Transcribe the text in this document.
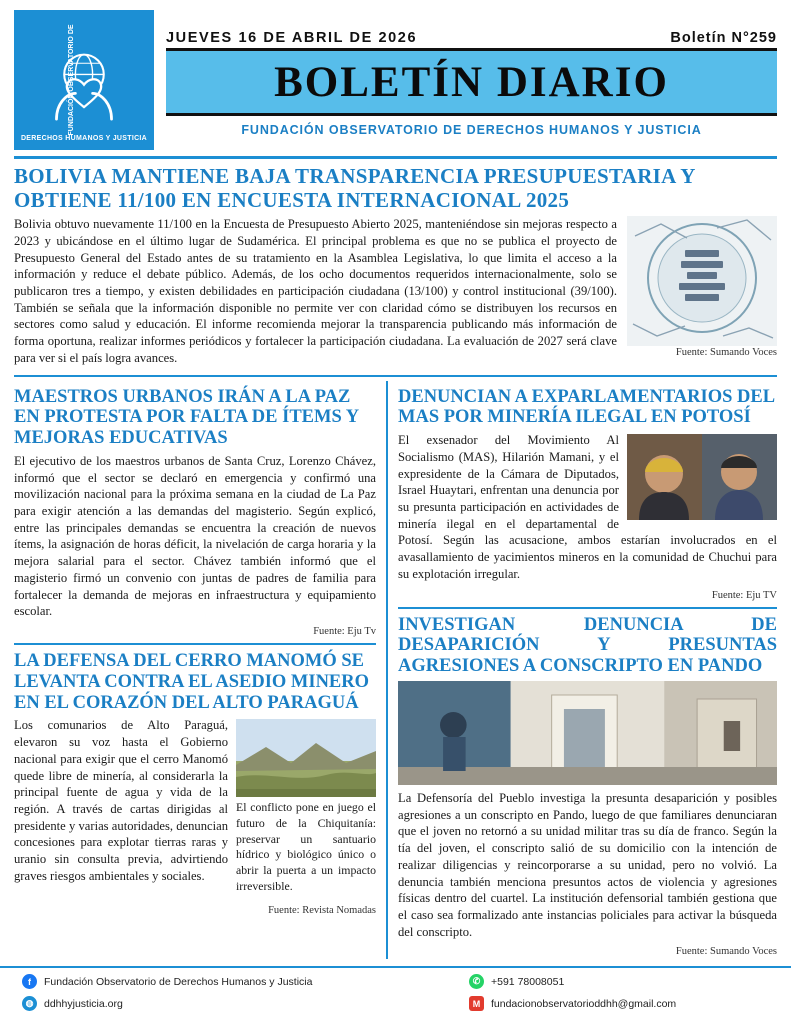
FUNDACIÓN OBSERVATORIO DE
DERECHOS HUMANOS Y JUSTICIA
JUEVES 16 DE ABRIL DE 2026	Boletín N°259
BOLETÍN DIARIO
FUNDACIÓN OBSERVATORIO DE DERECHOS HUMANOS Y JUSTICIA
BOLIVIA MANTIENE BAJA TRANSPARENCIA PRESUPUESTARIA Y OBTIENE 11/100 EN ENCUESTA INTERNACIONAL 2025

Bolivia obtuvo nuevamente 11/100 en la Encuesta de Presupuesto Abierto 2025, manteniéndose sin mejoras respecto a 2023 y ubicándose en el último lugar de Sudamérica. El principal problema es que no se publica el proyecto de Presupuesto General del Estado antes de su tratamiento en la Asamblea Legislativa, lo que limita el acceso a la información y reduce el debate público. Además, de los ocho documentos requeridos internacionalmente, solo se publicaron tres a tiempo, y existen debilidades en participación ciudadana (13/100) y control institucional (39/100). También se señala que la información disponible no permite ver con claridad cómo se distribuyen los recursos en sectores como salud y educación. El informe recomienda mejorar la transparencia publicando más información de forma oportuna, realizar informes periódicos y fortalecer la participación ciudadana. La evaluación de 2027 será clave para ver si el país logra avances.	Fuente: Sumando Voces
MAESTROS URBANOS IRÁN A LA PAZ EN PROTESTA POR FALTA DE ÍTEMS Y MEJORAS EDUCATIVAS

El ejecutivo de los maestros urbanos de Santa Cruz, Lorenzo Chávez, informó que el sector se declaró en emergencia y confirmó una movilización nacional para la próxima semana en la ciudad de La Paz para exigir atención a las demandas del magisterio. Según explicó, entre las principales demandas se encuentra la creación de nuevos ítems, la asignación de horas déficit, la nivelación de carga horaria y la mejora salarial para el sector. Chávez también informó que el magisterio firmó un convenio con juntas de padres de familia para fortalecer la demanda de mejoras en infraestructura y equipamiento escolar.

Fuente: Eju Tv
LA DEFENSA DEL CERRO MANOMÓ SE LEVANTA CONTRA EL ASEDIO MINERO EN EL CORAZÓN DEL ALTO PARAGUÁ

El conflicto pone en juego el futuro de la Chiquitanía: preservar un santuario hídrico y biológico único o abrir la puerta a un impacto irreversible.

Los comunarios de Alto Paraguá, elevaron su voz hasta el Gobierno nacional para exigir que el cerro Manomó quede libre de minería, al considerarla la principal fuente de agua y vida de la región. A través de cartas dirigidas al presidente y varias autoridades, denuncian concesiones para explotar tierras raras y uranio sin consulta previa, advirtiendo graves riesgos ambientales y sociales.

Fuente: Revista Nomadas
DENUNCIAN A EXPARLAMENTARIOS DEL MAS POR MINERÍA ILEGAL EN POTOSÍ

El exsenador del Movimiento Al Socialismo (MAS), Hilarión Mamani, y el expresidente de la Cámara de Diputados, Israel Huaytari, enfrentan una denuncia por su presunta participación en actividades de minería ilegal en el departamental de Potosí. Según las acusacione, ambos estarían involucrados en el avasallamiento de yacimientos mineros en la comunidad de Chuchui para su explotación irregular.

Fuente: Eju TV
INVESTIGAN DENUNCIA DE DESAPARICIÓN Y PRESUNTAS AGRESIONES A CONSCRIPTO EN PANDO

La Defensoría del Pueblo investiga la presunta desaparición y posibles agresiones a un conscripto en Pando, luego de que familiares denunciaran que el joven no retornó a su unidad militar tras su día de franco. Según la tía del joven, el conscripto salió de su domicilio con la intención de realizar diligencias y reincorporarse a su unidad, pero no volvió. La denuncia también menciona presuntos actos de violencia y agresiones físicas dentro del cuartel. La institución defensorial también gestiona que el caso sea formalizado ante instancias policiales para activar la búsqueda del conscripto.

Fuente: Sumando Voces
f	Fundación Observatorio de Derechos Humanos y Justicia
◍	ddhhyjusticia.org
✆	+591 78008051
M	fundacionobservatorioddhh@gmail.com
